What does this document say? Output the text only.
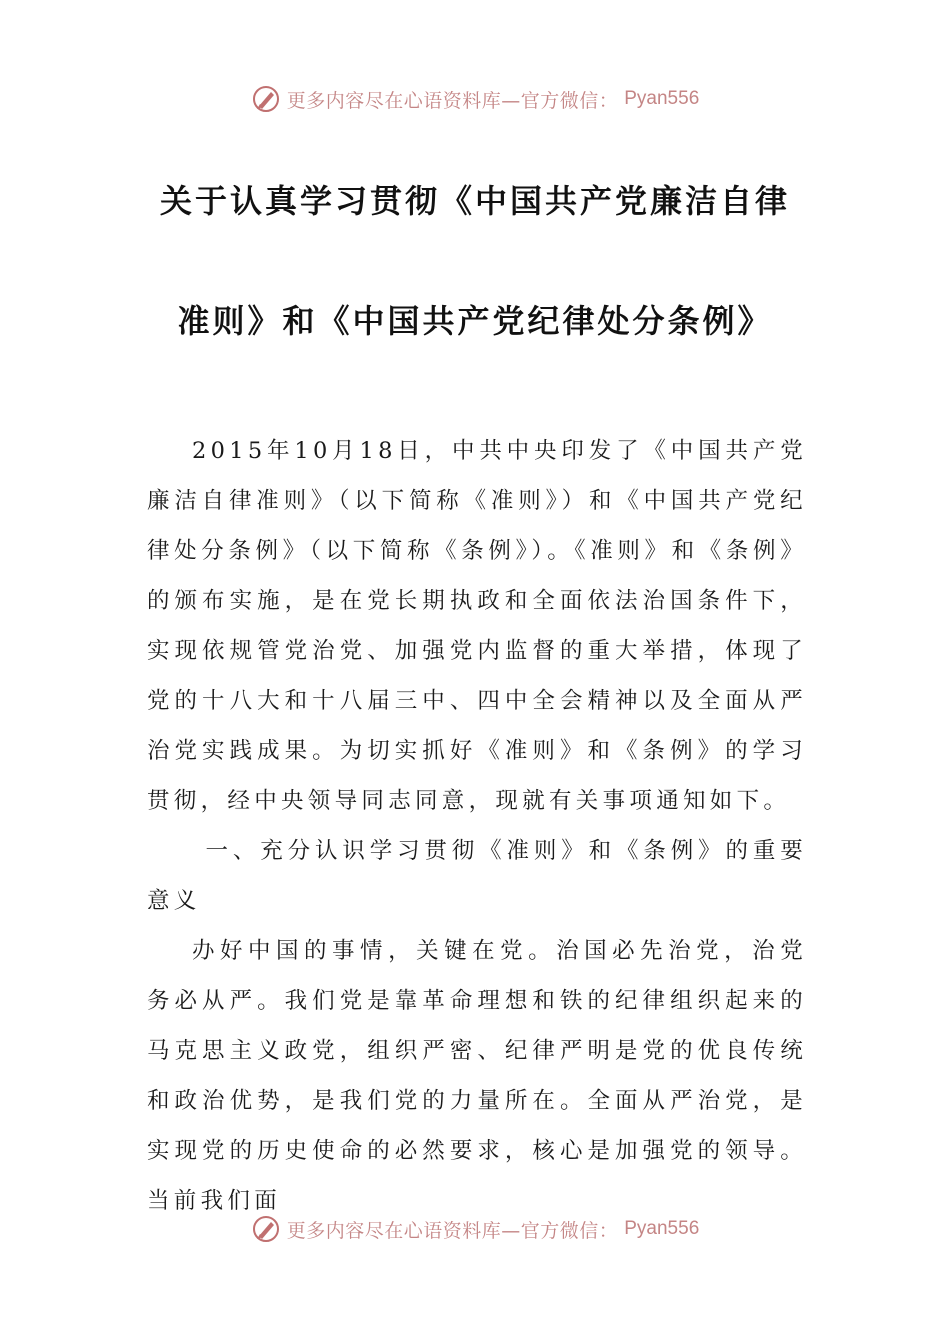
更多内容尽在心语资料库—官方微信： Pyan556
关于认真学习贯彻《中国共产党廉洁自律
准则》和《中国共产党纪律处分条例》

2015年10月18日，中共中央印发了《中国共产党廉洁自律准则》（以下简称《准则》）和《中国共产党纪律处分条例》（以下简称《条例》）。《准则》和《条例》的颁布实施，是在党长期执政和全面依法治国条件下，实现依规管党治党、加强党内监督的重大举措，体现了党的十八大和十八届三中、四中全会精神以及全面从严治党实践成果。为切实抓好《准则》和《条例》的学习贯彻，经中央领导同志同意，现就有关事项通知如下。

一、充分认识学习贯彻《准则》和《条例》的重要意义

办好中国的事情，关键在党。治国必先治党，治党务必从严。我们党是靠革命理想和铁的纪律组织起来的马克思主义政党，组织严密、纪律严明是党的优良传统和政治优势，是我们党的力量所在。全面从严治党，是实现党的历史使命的必然要求，核心是加强党的领导。当前我们面

更多内容尽在心语资料库—官方微信： Pyan556
